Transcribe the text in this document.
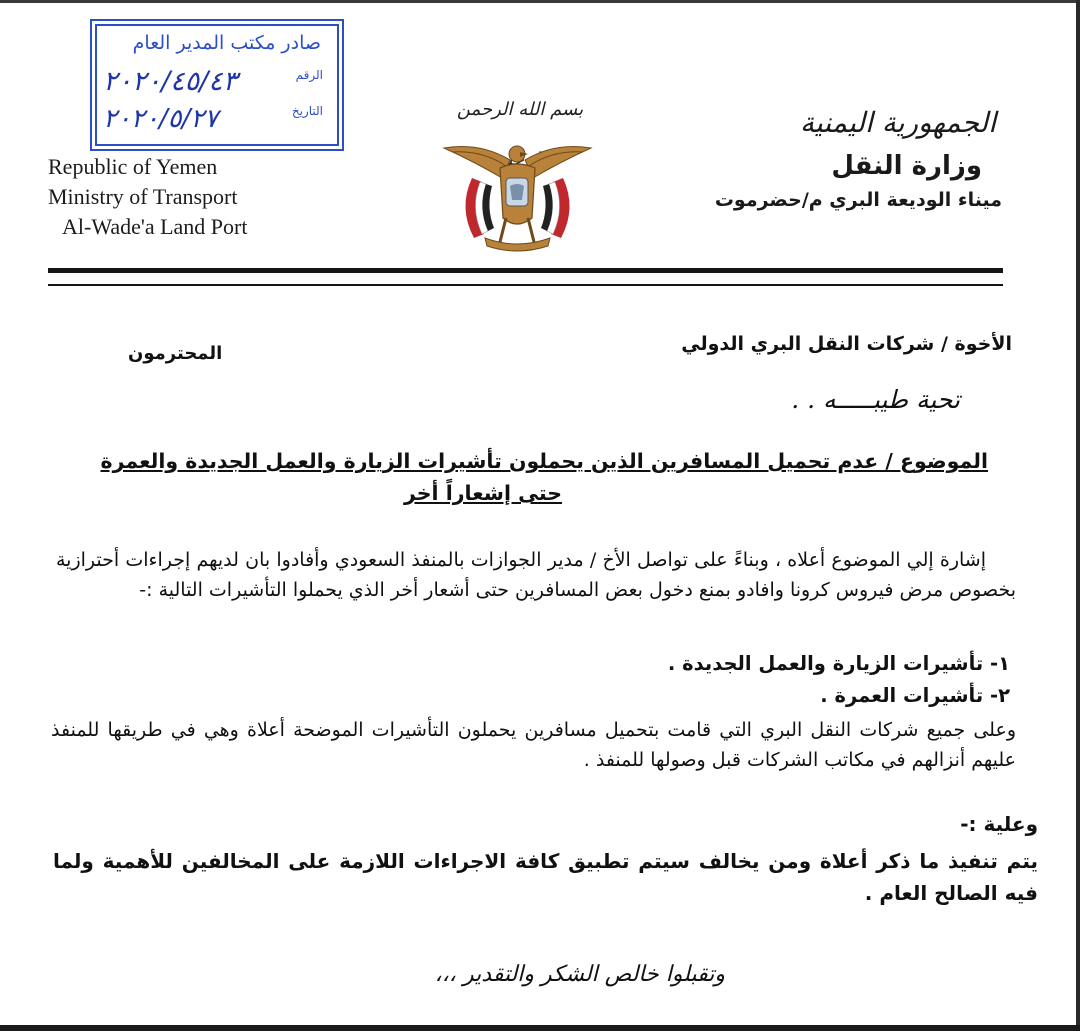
صادر مكتب المدير العام
الرقم
التاريخ
٢٠٢٠/٤٥/٤٣
٢٠٢٠/٥/٢٧
Republic of Yemen
Ministry of Transport
Al-Wade'a Land Port
بسم الله الرحمن	الجمهورية اليمنية
وزارة النقل
ميناء الوديعة البري م/حضرموت
الأخوة / شركات النقل البري الدولي
المحترمون
تحية طيبـــــه . .
الموضوع / عدم تحميل المسافرين الذين يحملون تأشيرات الزيارة والعمل الجديدة والعمرة
حتى إشعاراً أخر
إشارة إلي الموضوع أعلاه ، وبناءً على تواصل الأخ / مدير الجوازات بالمنفذ السعودي وأفادوا بان لديهم إجراءات أحترازية بخصوص مرض فيروس كرونا وافادو بمنع دخول بعض المسافرين حتى أشعار أخر الذي يحملوا التأشيرات التالية :-
١- تأشيرات الزيارة والعمل الجديدة .
٢- تأشيرات العمرة .
وعلى جميع شركات النقل البري التي قامت بتحميل مسافرين يحملون التأشيرات الموضحة أعلاة وهي في طريقها للمنفذ عليهم أنزالهم في مكاتب الشركات قبل وصولها للمنفذ .
وعلية :-
يتم تنفيذ ما ذكر أعلاة ومن يخالف سيتم تطبيق كافة الاجراءات اللازمة على المخالفين للأهمية ولما فيه الصالح العام .
وتقبلوا خالص الشكر والتقدير ،،،
